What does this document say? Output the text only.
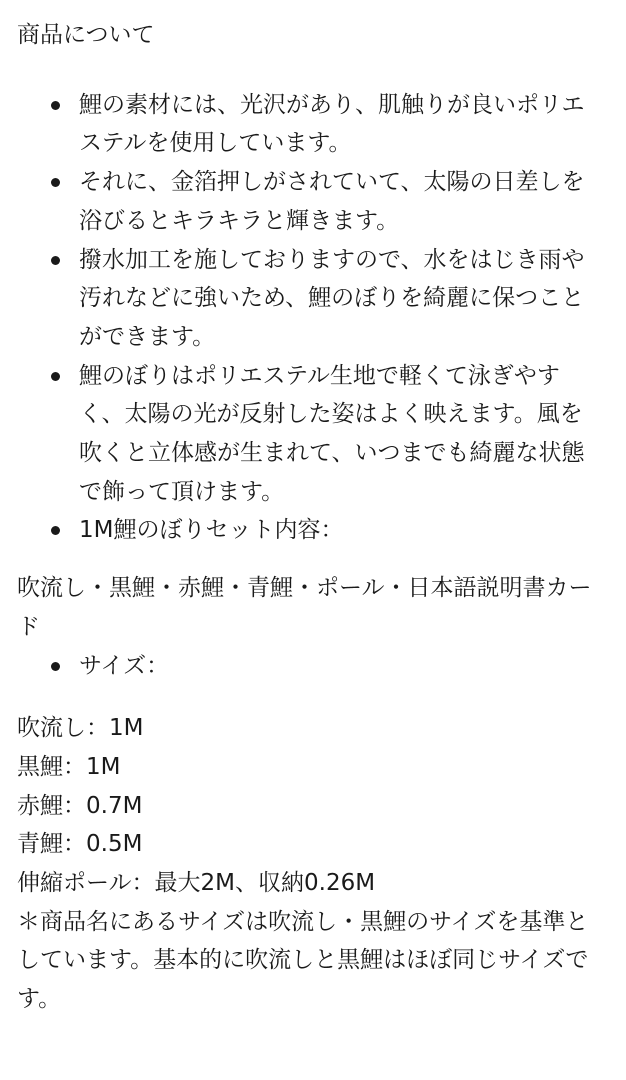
商品について
鯉の素材には、光沢があり、肌触りが良いポリエステルを使用しています。
それに、金箔押しがされていて、太陽の日差しを浴びるとキラキラと輝きます。
撥水加工を施しておりますので、水をはじき雨や汚れなどに強いため、鯉のぼりを綺麗に保つことができます。
鯉のぼりはポリエステル生地で軽くて泳ぎやすく、太陽の光が反射した姿はよく映えます。風を吹くと立体感が生まれて、いつまでも綺麗な状態で飾って頂けます。
1M鯉のぼりセット内容：

吹流し・黒鯉・赤鯉・青鯉・ポール・日本語説明書カード

サイズ：

吹流し：1M

黒鯉：1M

赤鯉：0.7M

青鯉：0.5M

伸縮ポール：最大2M、収納0.26M

＊商品名にあるサイズは吹流し・黒鯉のサイズを基準としています。基本的に吹流しと黒鯉はほぼ同じサイズです。
